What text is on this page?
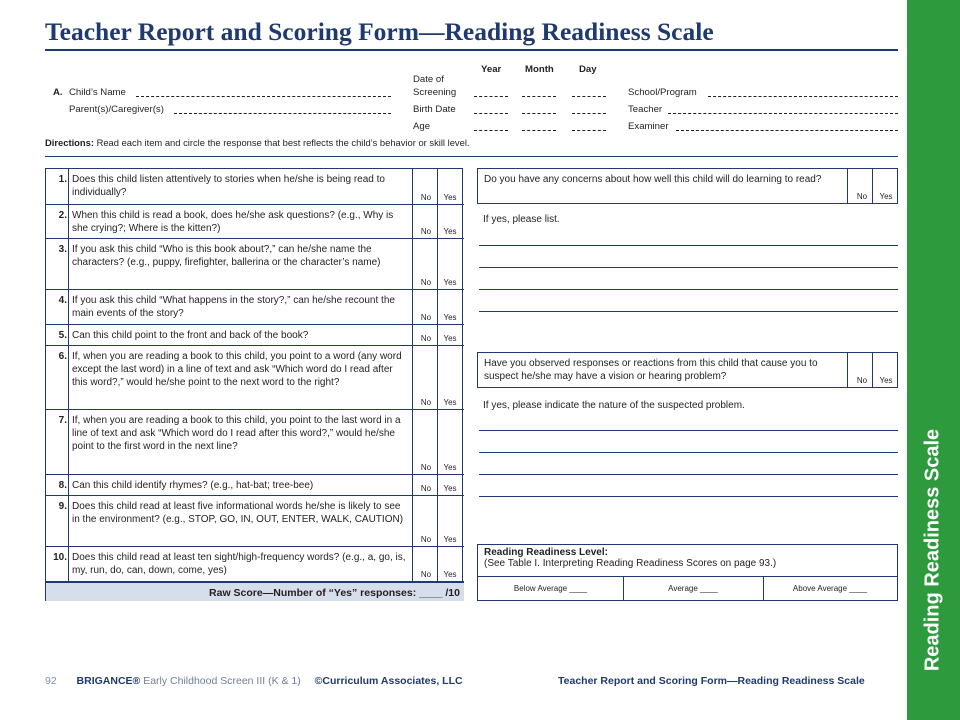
Teacher Report and Scoring Form—Reading Readiness Scale
Year Month	Day
A. Child’s Name
Parent(s)/Caregiver(s)
Date of
Screening
Birth Date
Age
School/Program
Teacher
Examiner
Directions: Read each item and circle the response that best reflects the child’s behavior or skill level.
1. Does this child listen attentively to stories when he/she is being read to individually?	No	Yes
2. When this child is read a book, does he/she ask questions? (e.g., Why is she crying?; Where is the kitten?)	No	Yes
3. If you ask this child “Who is this book about?,” can he/she name the characters? (e.g., puppy, firefighter, ballerina or the character’s name)
No	Yes
4. If you ask this child “What happens in the story?,” can he/she recount the main events of the story?	No	Yes
5. Can this child point to the front and back of the book?	No	Yes
6. If, when you are reading a book to this child, you point to a word (any word except the last word) in a line of text and ask “Which word do I read after this word?,” would he/she point to the next word to the right?
No	Yes
7. If, when you are reading a book to this child, you point to the last word in a line of text and ask “Which word do I read after this word?,” would he/she point to the first word in the next line?
No	Yes
8. Can this child identify rhymes? (e.g., hat-bat; tree-bee)	No	Yes
9. Does this child read at least five informational words he/she is likely to see in the environment? (e.g., STOP, GO, IN, OUT, ENTER, WALK, CAUTION)
No	Yes
10. Does this child read at least ten sight/high-frequency words? (e.g., a, go, is, my, run, do, can, down, come, yes)	No	Yes
Raw Score—Number of “Yes” responses: ____ /10
Do you have any concerns about how well this child will do learning to read?
No	Yes
If yes, please list.
Have you observed responses or reactions from this child that cause you to suspect he/she may have a vision or hearing problem?	No	Yes
If yes, please indicate the nature of the suspected problem.
Reading Readiness Level:
(See Table I. Interpreting Reading Readiness Scores on page 93.)
Below Average ____	Average ____	Above Average ____
92 BRIGANCE® Early Childhood Screen III (K & 1) ©Curriculum Associates, LLC	Teacher Report and Scoring Form—Reading Readiness Scale
Reading Readiness Scale
